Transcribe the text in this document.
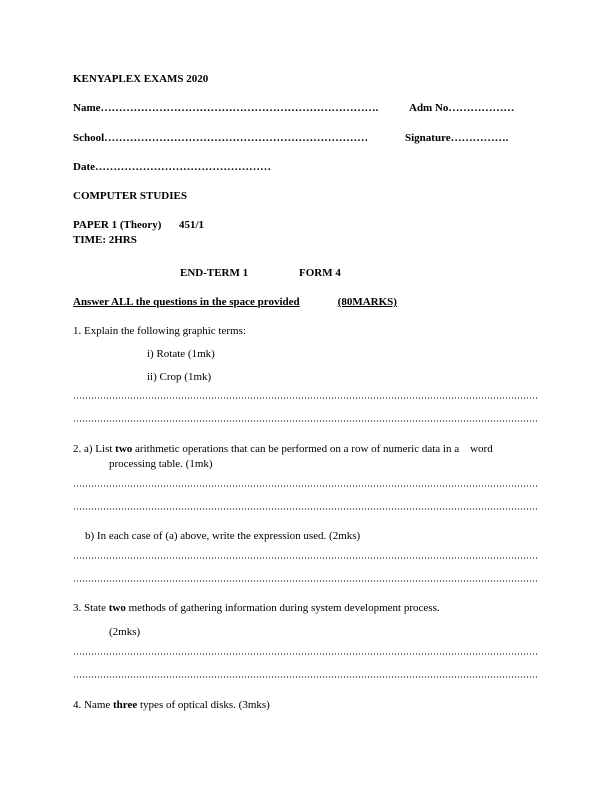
KENYAPLEX EXAMS 2020
Name………………………………………………………………….	Adm No………………
School………………………………………………………………	Signature…………….
Date…………………………………………
COMPUTER STUDIES
PAPER 1 (Theory) 451/1
TIME: 2HRS
END-TERM 1	FORM 4
Answer ALL the questions in the space provided	(80MARKS)
1. Explain the following graphic terms:
i) Rotate (1mk)
ii) Crop (1mk)
2. a) List two arithmetic operations that can be performed on a row of numeric data in a    word
processing table. (1mk)
b) In each case of (a) above, write the expression used. (2mks)
3. State two methods of gathering information during system development process.
(2mks)
4. Name three types of optical disks. (3mks)
